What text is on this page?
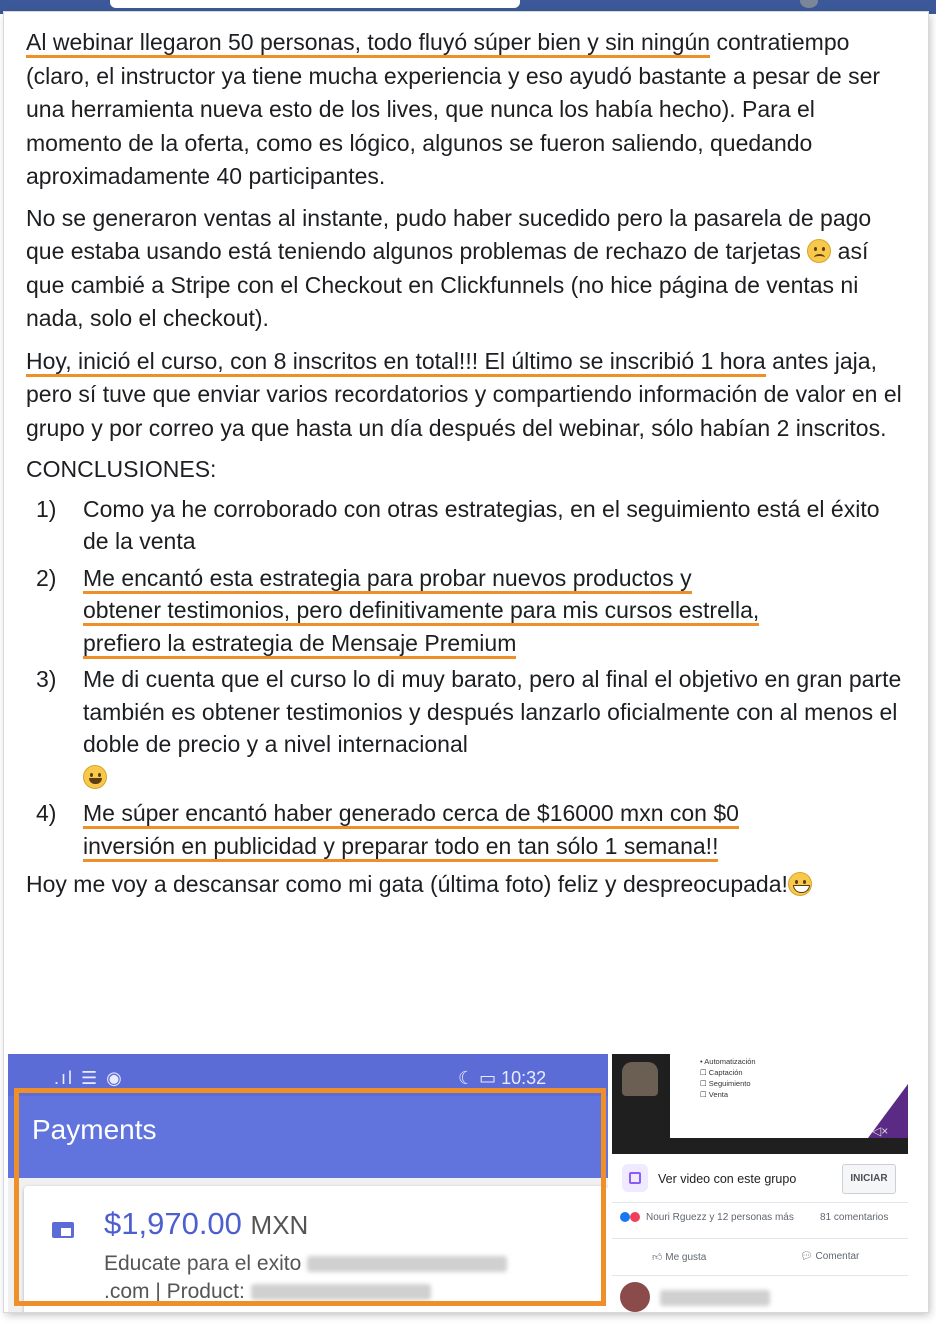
Al webinar llegaron 50 personas, todo fluyó súper bien y sin ningún contratiempo (claro, el instructor ya tiene mucha experiencia y eso ayudó bastante a pesar de ser una herramienta nueva esto de los lives, que nunca los había hecho). Para el momento de la oferta, como es lógico, algunos se fueron saliendo, quedando aproximadamente 40 participantes.

No se generaron ventas al instante, pudo haber sucedido pero la pasarela de pago que estaba usando está teniendo algunos problemas de rechazo de tarjetas  así que cambié a Stripe con el Checkout en Clickfunnels (no hice página de ventas ni nada, solo el checkout).

Hoy, inició el curso, con 8 inscritos en total!!! El último se inscribió 1 hora antes jaja, pero sí tuve que enviar varios recordatorios y compartiendo información de valor en el grupo y por correo ya que hasta un día después del webinar, sólo habían 2 inscritos.

CONCLUSIONES:

1) Como ya he corroborado con otras estrategias, en el seguimiento está el éxito de la venta
2) Me encantó esta estrategia para probar nuevos productos y
obtener testimonios, pero definitivamente para mis cursos estrella,
prefiero la estrategia de Mensaje Premium
3) Me di cuenta que el curso lo di muy barato, pero al final el objetivo en gran parte también es obtener testimonios y después lanzarlo oficialmente con al menos el doble de precio y a nivel internacional

4) Me súper encantó haber generado cerca de $16000 mxn con $0
inversión en publicidad y preparar todo en tan sólo 1 semana!!

Hoy me voy a descansar como mi gata (última foto) feliz y despreocupada!

.ıl ☰ ◉	☾ ▭ 10:32
Payments
$1,970.00 MXN
Educate para el exito
.com | Product:
• Automatización
☐ Captación
☐ Seguimiento
☐ Venta
◁×
Ver video con este grupo	INICIAR
Nouri Rguezz y 12 personas más	81 comentarios
👍︎ Me gusta	💬︎ Comentar
